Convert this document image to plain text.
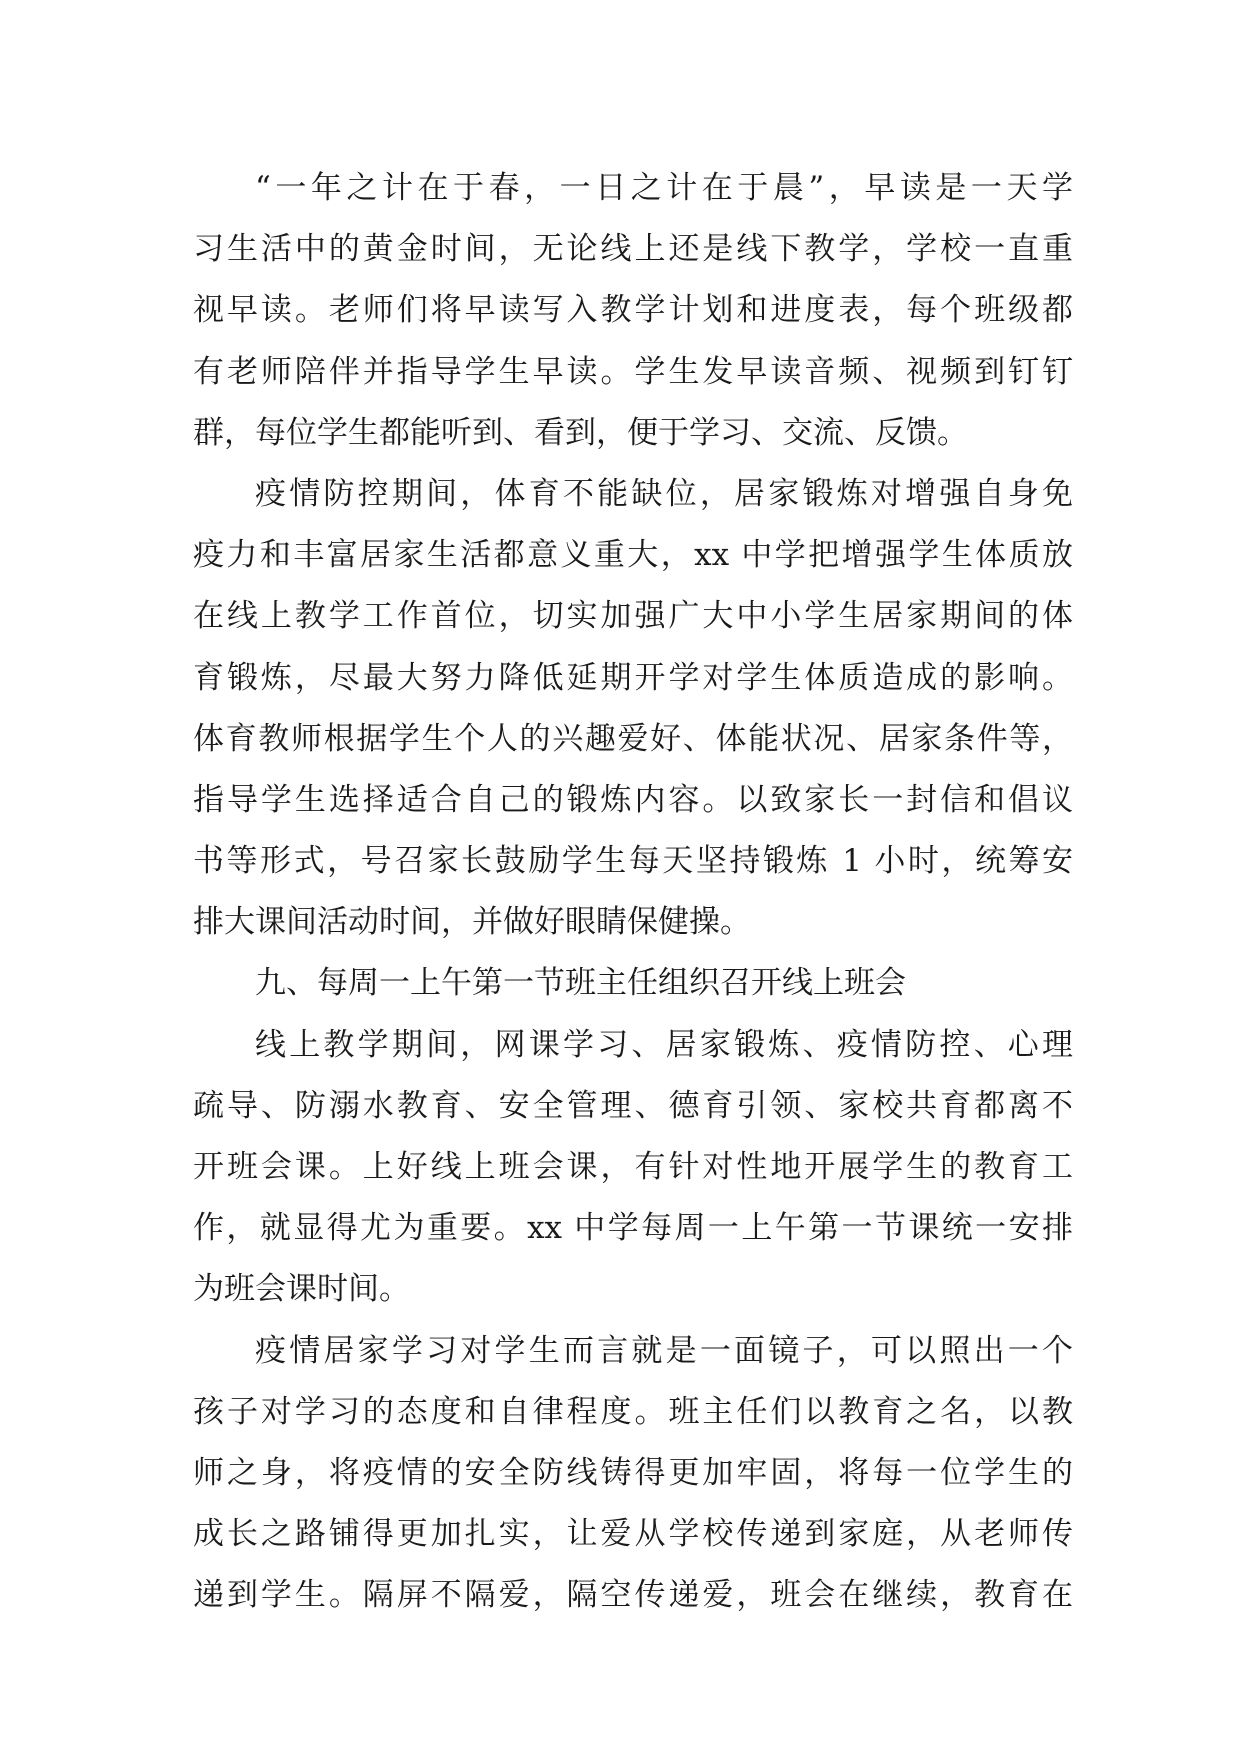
“一年之计在于春，一日之计在于晨”，早读是一天学
习生活中的黄金时间，无论线上还是线下教学，学校一直重
视早读。老师们将早读写入教学计划和进度表，每个班级都
有老师陪伴并指导学生早读。学生发早读音频、视频到钉钉
群，每位学生都能听到、看到，便于学习、交流、反馈。
疫情防控期间，体育不能缺位，居家锻炼对增强自身免
疫力和丰富居家生活都意义重大，xx 中学把增强学生体质放
在线上教学工作首位，切实加强广大中小学生居家期间的体
育锻炼，尽最大努力降低延期开学对学生体质造成的影响。
体育教师根据学生个人的兴趣爱好、体能状况、居家条件等，
指导学生选择适合自己的锻炼内容。以致家长一封信和倡议
书等形式，号召家长鼓励学生每天坚持锻炼 1 小时，统筹安
排大课间活动时间，并做好眼睛保健操。
九、每周一上午第一节班主任组织召开线上班会
线上教学期间，网课学习、居家锻炼、疫情防控、心理
疏导、防溺水教育、安全管理、德育引领、家校共育都离不
开班会课。上好线上班会课，有针对性地开展学生的教育工
作，就显得尤为重要。xx 中学每周一上午第一节课统一安排
为班会课时间。
疫情居家学习对学生而言就是一面镜子，可以照出一个
孩子对学习的态度和自律程度。班主任们以教育之名，以教
师之身，将疫情的安全防线铸得更加牢固，将每一位学生的
成长之路铺得更加扎实，让爱从学校传递到家庭，从老师传
递到学生。隔屏不隔爱，隔空传递爱，班会在继续，教育在
